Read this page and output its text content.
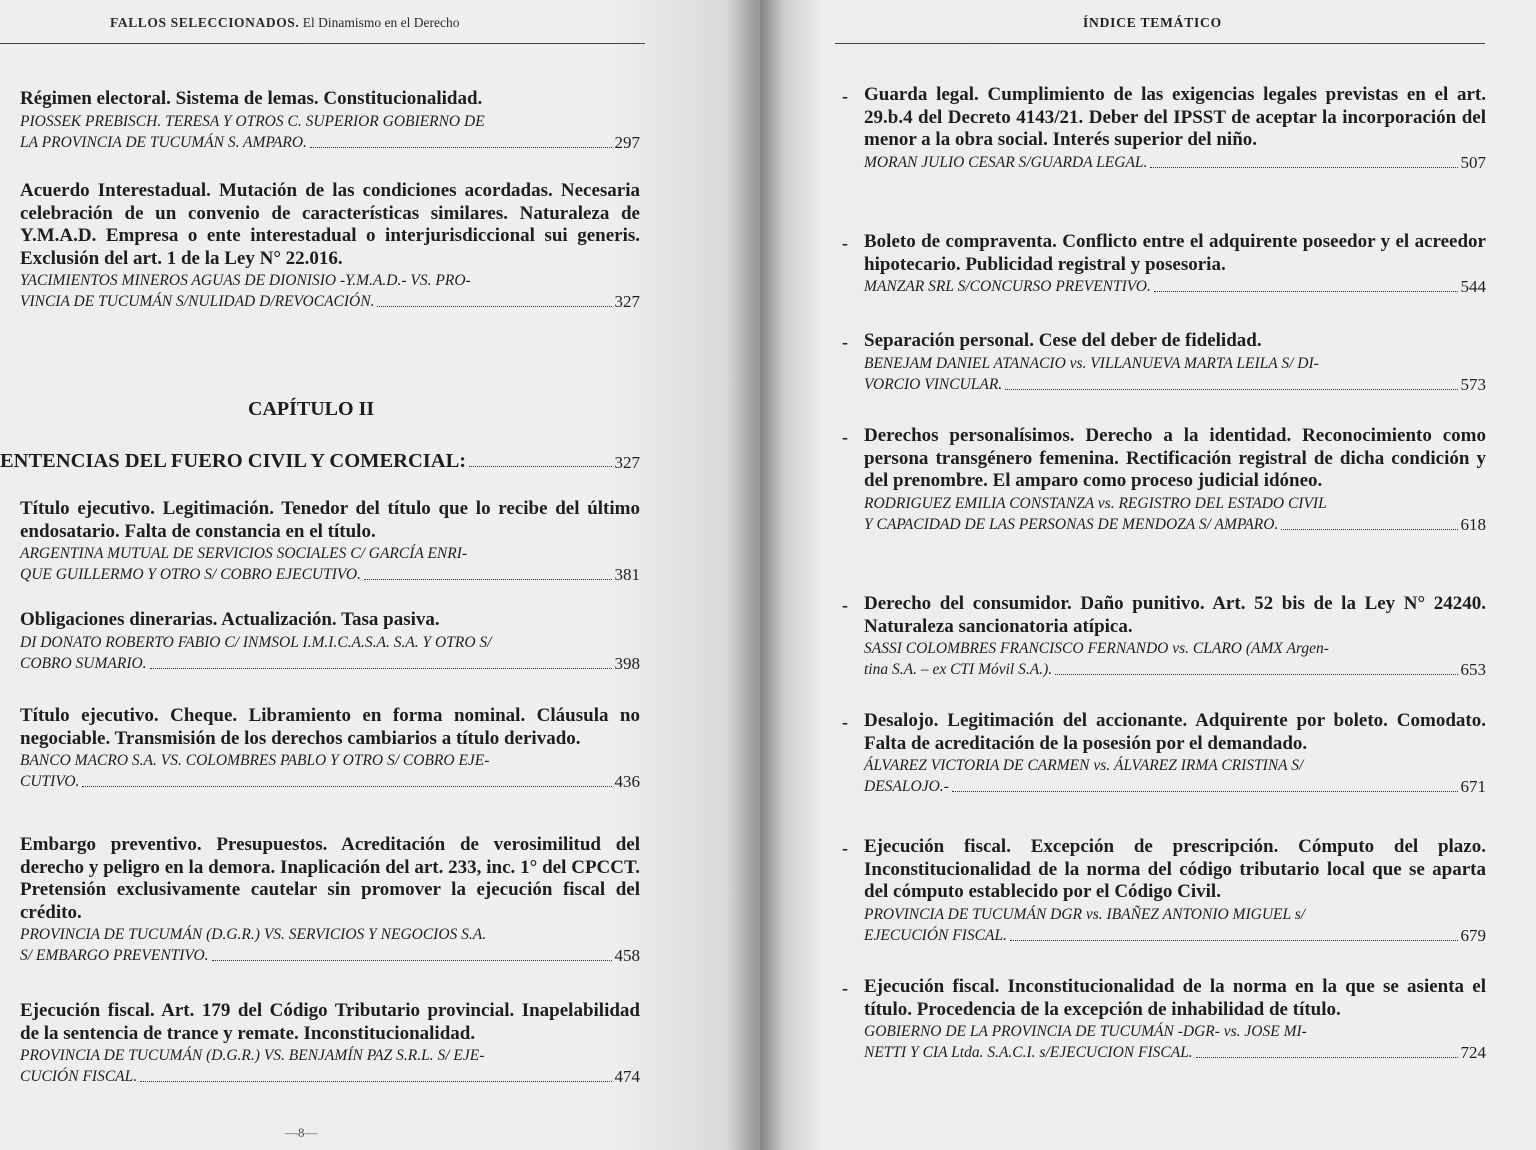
FALLOS SELECCIONADOS. El Dinamismo en el Derecho
Régimen electoral. Sistema de lemas. Constitucionalidad.
PIOSSEK PREBISCH. TERESA Y OTROS C. SUPERIOR GOBIERNO DE
LA PROVINCIA DE TUCUMÁN S. AMPARO.	297
Acuerdo Interestadual. Mutación de las condiciones acordadas. Necesaria celebración de un convenio de características similares. Naturaleza de Y.M.A.D. Empresa o ente interestadual o interjurisdiccional sui generis. Exclusión del art. 1 de la Ley N° 22.016.
YACIMIENTOS MINEROS AGUAS DE DIONISIO -Y.M.A.D.- VS. PRO-
VINCIA DE TUCUMÁN S/NULIDAD D/REVOCACIÓN.	327
CAPÍTULO II
ENTENCIAS DEL FUERO CIVIL Y COMERCIAL:	327
Título ejecutivo. Legitimación. Tenedor del título que lo recibe del último endosatario. Falta de constancia en el título.
ARGENTINA MUTUAL DE SERVICIOS SOCIALES C/ GARCÍA ENRI-
QUE GUILLERMO Y OTRO S/ COBRO EJECUTIVO.	381
Obligaciones dinerarias. Actualización. Tasa pasiva.
DI DONATO ROBERTO FABIO C/ INMSOL I.M.I.C.A.S.A. S.A. Y OTRO S/
COBRO SUMARIO.	398
Título ejecutivo. Cheque. Libramiento en forma nominal. Cláusula no negociable. Transmisión de los derechos cambiarios a título derivado.
BANCO MACRO S.A. VS. COLOMBRES PABLO Y OTRO S/ COBRO EJE-
CUTIVO.	436
Embargo preventivo. Presupuestos. Acreditación de verosimilitud del derecho y peligro en la demora. Inaplicación del art. 233, inc. 1° del CPCCT. Pretensión exclusivamente cautelar sin promover la ejecución fiscal del crédito.
PROVINCIA DE TUCUMÁN (D.G.R.) VS. SERVICIOS Y NEGOCIOS S.A.
S/ EMBARGO PREVENTIVO.	458
Ejecución fiscal. Art. 179 del Código Tributario provincial. Inapelabilidad de la sentencia de trance y remate. Inconstitucionalidad.
PROVINCIA DE TUCUMÁN (D.G.R.) VS. BENJAMÍN PAZ S.R.L. S/ EJE-
CUCIÓN FISCAL.	474
—8—
ÍNDICE TEMÁTICO
- Guarda legal. Cumplimiento de las exigencias legales previstas en el art. 29.b.4 del Decreto 4143/21. Deber del IPSST de aceptar la incorporación del menor a la obra social. Interés superior del niño.
MORAN JULIO CESAR S/GUARDA LEGAL.	507
- Boleto de compraventa. Conflicto entre el adquirente poseedor y el acreedor hipotecario. Publicidad registral y posesoria.
MANZAR SRL S/CONCURSO PREVENTIVO.	544
- Separación personal. Cese del deber de fidelidad.
BENEJAM DANIEL ATANACIO vs. VILLANUEVA MARTA LEILA S/ DI-
VORCIO VINCULAR.	573
- Derechos personalísimos. Derecho a la identidad. Reconocimiento como persona transgénero femenina. Rectificación registral de dicha condición y del prenombre. El amparo como proceso judicial idóneo.
RODRIGUEZ EMILIA CONSTANZA vs. REGISTRO DEL ESTADO CIVIL
Y CAPACIDAD DE LAS PERSONAS DE MENDOZA S/ AMPARO.	618
- Derecho del consumidor. Daño punitivo. Art. 52 bis de la Ley N° 24240. Naturaleza sancionatoria atípica.
SASSI COLOMBRES FRANCISCO FERNANDO vs. CLARO (AMX Argen-
tina S.A. – ex CTI Móvil S.A.).	653
- Desalojo. Legitimación del accionante. Adquirente por boleto. Comodato. Falta de acreditación de la posesión por el demandado.
ÁLVAREZ VICTORIA DE CARMEN vs. ÁLVAREZ IRMA CRISTINA S/
DESALOJO.-	671
- Ejecución fiscal. Excepción de prescripción. Cómputo del plazo. Inconstitucionalidad de la norma del código tributario local que se aparta del cómputo establecido por el Código Civil.
PROVINCIA DE TUCUMÁN DGR vs. IBAÑEZ ANTONIO MIGUEL s/
EJECUCIÓN FISCAL.	679
- Ejecución fiscal. Inconstitucionalidad de la norma en la que se asienta el título. Procedencia de la excepción de inhabilidad de título.
GOBIERNO DE LA PROVINCIA DE TUCUMÁN -DGR- vs. JOSE MI-
NETTI Y CIA Ltda. S.A.C.I. s/EJECUCION FISCAL.	724
